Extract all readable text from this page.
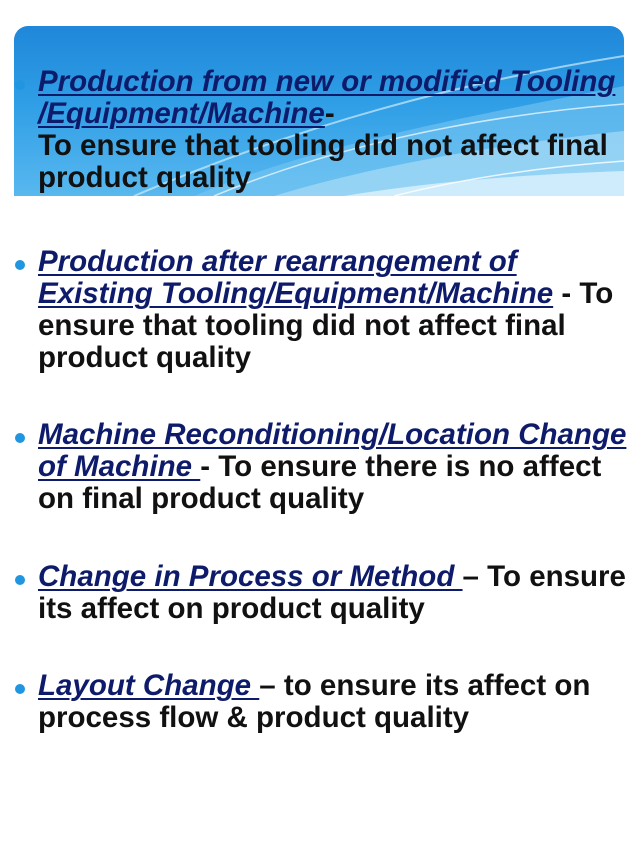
Production from new or modified Tooling /Equipment/Machine-
To ensure that tooling did not affect final product quality
Production after rearrangement of Existing Tooling/Equipment/Machine - To ensure that tooling did not affect final product quality
Machine Reconditioning/Location Change of Machine - To ensure there is no affect on final product quality
Change in Process or Method – To ensure its affect on product quality
Layout Change – to ensure its affect on process flow & product quality
